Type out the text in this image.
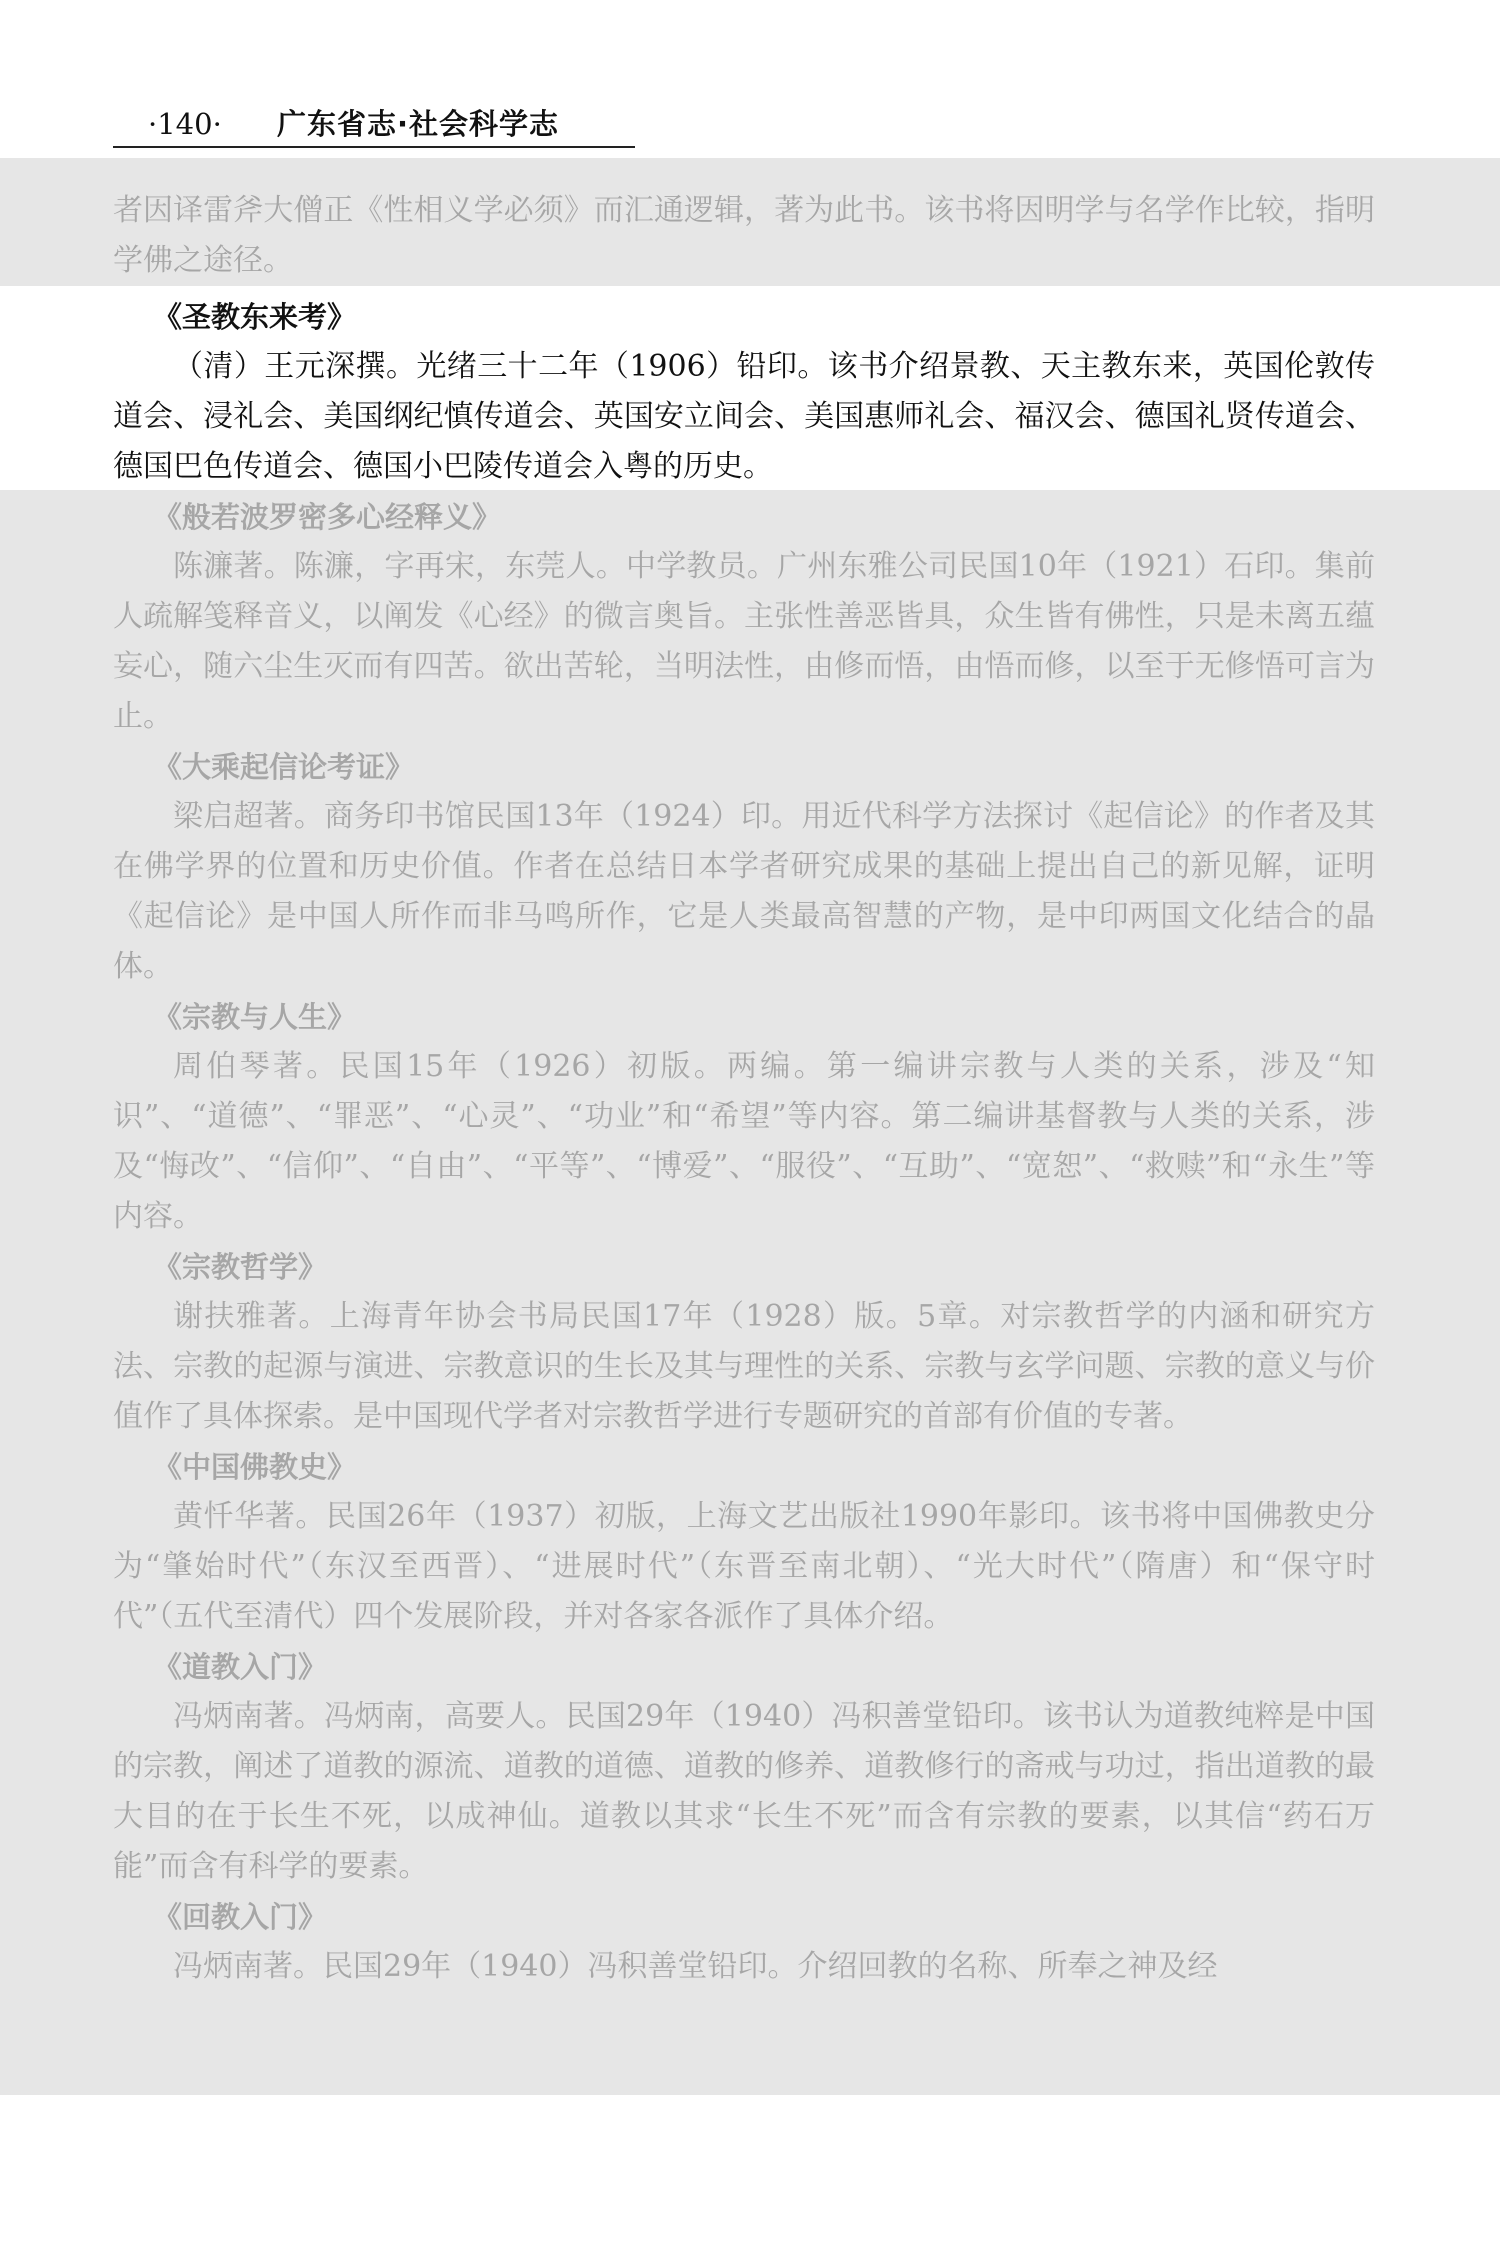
·140· 广东省志·社会科学志

者因译雷斧大僧正《性相义学必须》而汇通逻辑，著为此书。该书将因明学与名学作比较，指明学佛之途径。

《圣教东来考》

（清）王元深撰。光绪三十二年（1906）铅印。该书介绍景教、天主教东来，英国伦敦传道会、浸礼会、美国纲纪慎传道会、英国安立间会、美国惠师礼会、福汉会、德国礼贤传道会、德国巴色传道会、德国小巴陵传道会入粤的历史。

《般若波罗密多心经释义》

陈濂著。陈濂，字再宋，东莞人。中学教员。广州东雅公司民国10年（1921）石印。集前人疏解笺释音义，以阐发《心经》的微言奥旨。主张性善恶皆具，众生皆有佛性，只是未离五蕴妄心，随六尘生灭而有四苦。欲出苦轮，当明法性，由修而悟，由悟而修，以至于无修悟可言为止。

《大乘起信论考证》

梁启超著。商务印书馆民国13年（1924）印。用近代科学方法探讨《起信论》的作者及其在佛学界的位置和历史价值。作者在总结日本学者研究成果的基础上提出自己的新见解，证明《起信论》是中国人所作而非马鸣所作，它是人类最高智慧的产物，是中印两国文化结合的晶体。

《宗教与人生》

周伯琴著。民国15年（1926）初版。两编。第一编讲宗教与人类的关系，涉及“知识”、“道德”、“罪恶”、“心灵”、“功业”和“希望”等内容。第二编讲基督教与人类的关系，涉及“悔改”、“信仰”、“自由”、“平等”、“博爱”、“服役”、“互助”、“宽恕”、“救赎”和“永生”等内容。

《宗教哲学》

谢扶雅著。上海青年协会书局民国17年（1928）版。5章。对宗教哲学的内涵和研究方法、宗教的起源与演进、宗教意识的生长及其与理性的关系、宗教与玄学问题、宗教的意义与价值作了具体探索。是中国现代学者对宗教哲学进行专题研究的首部有价值的专著。

《中国佛教史》

黄忏华著。民国26年（1937）初版，上海文艺出版社1990年影印。该书将中国佛教史分为“肇始时代”（东汉至西晋）、“进展时代”（东晋至南北朝）、“光大时代”（隋唐）和“保守时代”（五代至清代）四个发展阶段，并对各家各派作了具体介绍。

《道教入门》

冯炳南著。冯炳南，高要人。民国29年（1940）冯积善堂铅印。该书认为道教纯粹是中国的宗教，阐述了道教的源流、道教的道德、道教的修养、道教修行的斋戒与功过，指出道教的最大目的在于长生不死，以成神仙。道教以其求“长生不死”而含有宗教的要素，以其信“药石万能”而含有科学的要素。

《回教入门》

冯炳南著。民国29年（1940）冯积善堂铅印。介绍回教的名称、所奉之神及经
